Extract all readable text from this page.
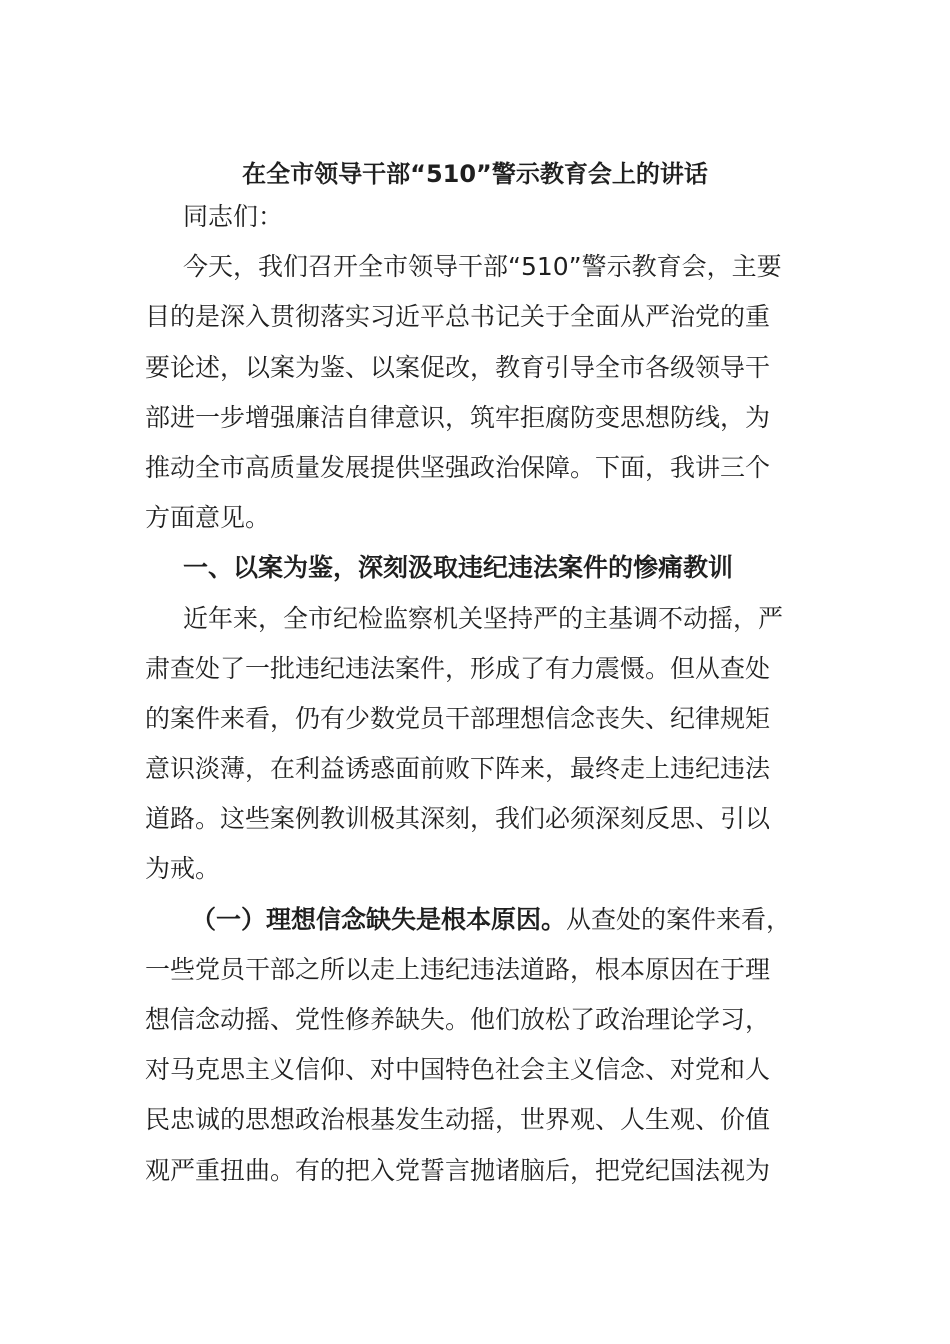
在全市领导干部“510”警示教育会上的讲话
同志们：
今天，我们召开全市领导干部“510”警示教育会，主要
目的是深入贯彻落实习近平总书记关于全面从严治党的重
要论述，以案为鉴、以案促改，教育引导全市各级领导干
部进一步增强廉洁自律意识，筑牢拒腐防变思想防线，为
推动全市高质量发展提供坚强政治保障。下面，我讲三个
方面意见。
一、以案为鉴，深刻汲取违纪违法案件的惨痛教训
近年来，全市纪检监察机关坚持严的主基调不动摇，严
肃查处了一批违纪违法案件，形成了有力震慑。但从查处
的案件来看，仍有少数党员干部理想信念丧失、纪律规矩
意识淡薄，在利益诱惑面前败下阵来，最终走上违纪违法
道路。这些案例教训极其深刻，我们必须深刻反思、引以
为戒。
（一）理想信念缺失是根本原因。从查处的案件来看，
一些党员干部之所以走上违纪违法道路，根本原因在于理
想信念动摇、党性修养缺失。他们放松了政治理论学习，
对马克思主义信仰、对中国特色社会主义信念、对党和人
民忠诚的思想政治根基发生动摇，世界观、人生观、价值
观严重扭曲。有的把入党誓言抛诸脑后，把党纪国法视为
